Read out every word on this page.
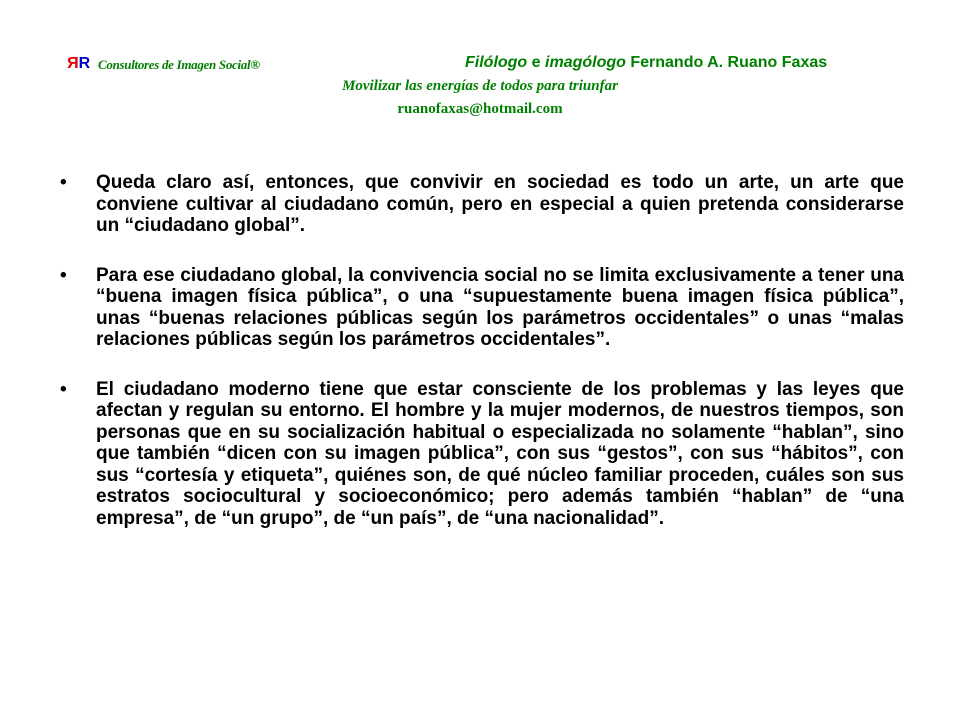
RR Consultores de Imagen Social®	Filólogo e imagólogo Fernando A. Ruano Faxas
Movilizar las energías de todos para triunfar
ruanofaxas@hotmail.com
•	Queda claro así, entonces, que convivir en sociedad es todo un arte, un arte que conviene cultivar al ciudadano común, pero en especial a quien pretenda considerarse un “ciudadano global”.
•	Para ese ciudadano global, la convivencia social no se limita exclusivamente a tener una “buena imagen física pública”, o una “supuestamente buena imagen física pública”, unas “buenas relaciones públicas según los parámetros occidentales” o unas “malas relaciones públicas según los parámetros occidentales”.
•	El ciudadano moderno tiene que estar consciente de los problemas y las leyes que afectan y regulan su entorno. El hombre y la mujer modernos, de nuestros tiempos, son personas que en su socialización habitual o especializada no solamente “hablan”, sino que también “dicen con su imagen pública”, con sus “gestos”, con sus “hábitos”, con sus “cortesía y etiqueta”, quiénes son, de qué núcleo familiar proceden, cuáles son sus estratos sociocultural y socioeconómico; pero además también “hablan” de “una empresa”, de “un grupo”, de “un país”, de “una nacionalidad”.
